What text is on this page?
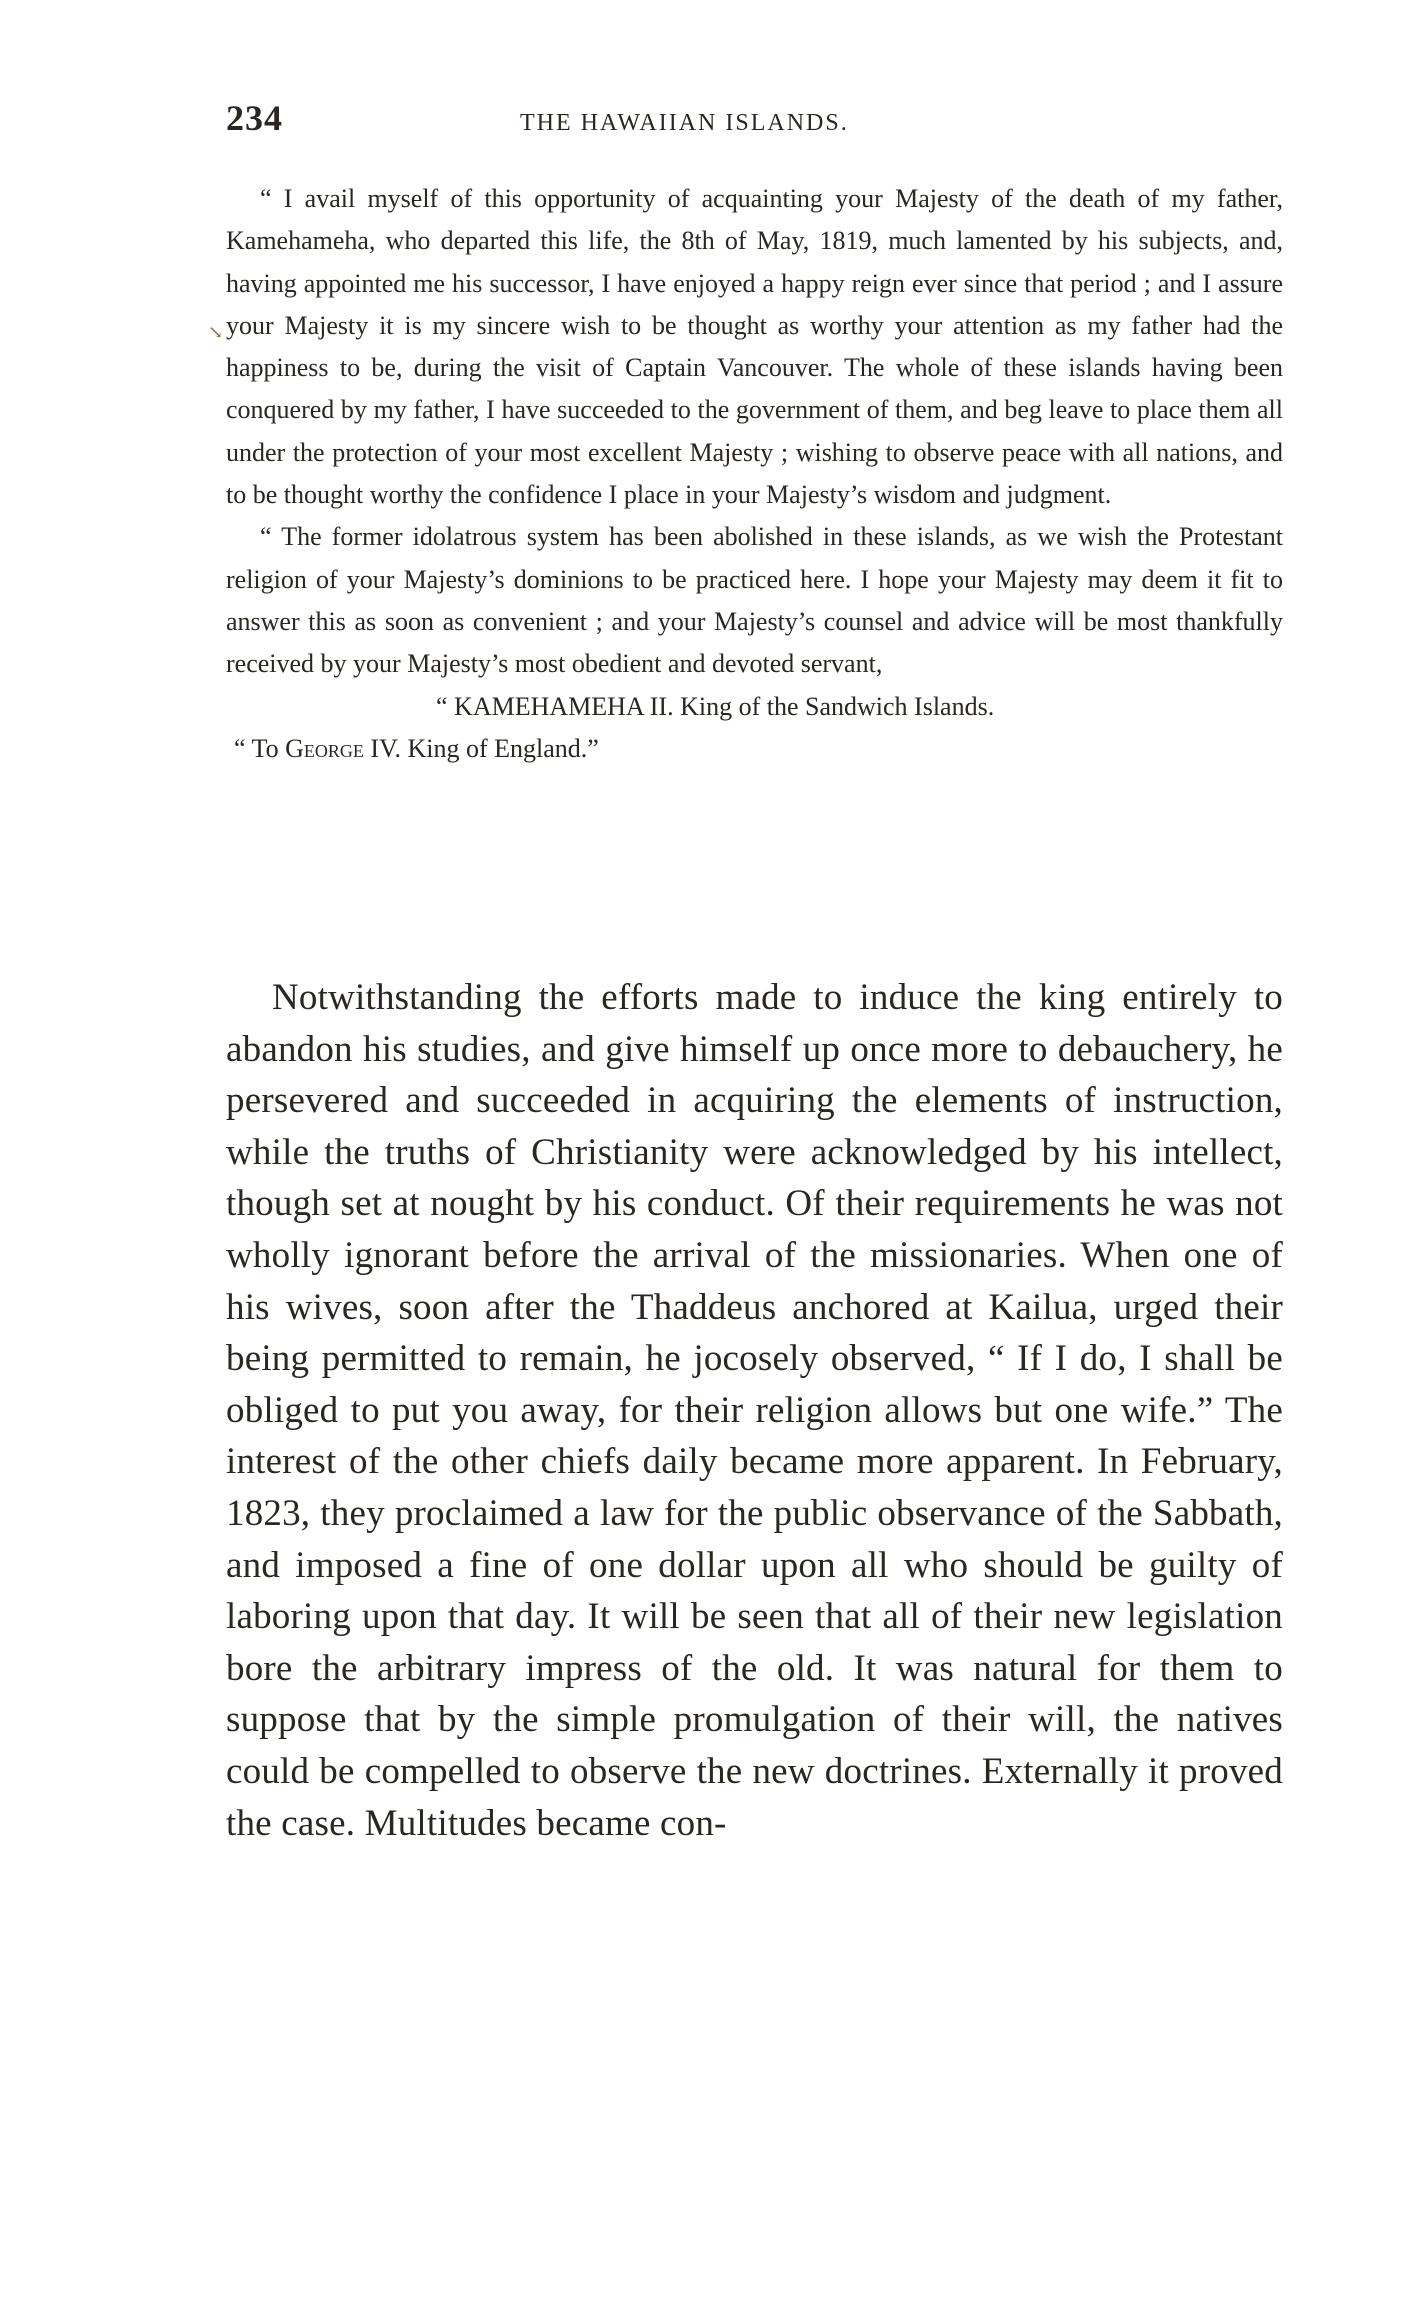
234	THE HAWAIIAN ISLANDS.
↘

“ I avail myself of this opportunity of acquainting your Majesty of the death of my father, Kamehameha, who departed this life, the 8th of May, 1819, much lamented by his subjects, and, having appointed me his successor, I have enjoyed a happy reign ever since that period ; and I assure your Majesty it is my sincere wish to be thought as worthy your attention as my father had the happiness to be, during the visit of Captain Vancouver. The whole of these islands having been conquered by my father, I have succeeded to the government of them, and beg leave to place them all under the protection of your most excellent Majesty ; wishing to observe peace with all nations, and to be thought worthy the confidence I place in your Majesty’s wisdom and judgment.

“ The former idolatrous system has been abolished in these islands, as we wish the Protestant religion of your Majesty’s dominions to be practiced here. I hope your Majesty may deem it fit to answer this as soon as convenient ; and your Majesty’s counsel and advice will be most thankfully received by your Majesty’s most obedient and devoted servant,

“ KAMEHAMEHA II. King of the Sandwich Islands.
“ To George IV. King of England.”

Notwithstanding the efforts made to induce the king entirely to abandon his studies, and give himself up once more to debauchery, he persevered and succeeded in acquiring the elements of instruction, while the truths of Christianity were acknowledged by his intellect, though set at nought by his conduct. Of their requirements he was not wholly ignorant before the arrival of the missionaries. When one of his wives, soon after the Thaddeus anchored at Kailua, urged their being permitted to remain, he jocosely observed, “ If I do, I shall be obliged to put you away, for their religion allows but one wife.” The interest of the other chiefs daily became more apparent. In February, 1823, they proclaimed a law for the public observance of the Sabbath, and imposed a fine of one dollar upon all who should be guilty of laboring upon that day. It will be seen that all of their new legislation bore the arbitrary impress of the old. It was natural for them to suppose that by the simple promulgation of their will, the natives could be compelled to observe the new doctrines. Externally it proved the case. Multitudes became con-
